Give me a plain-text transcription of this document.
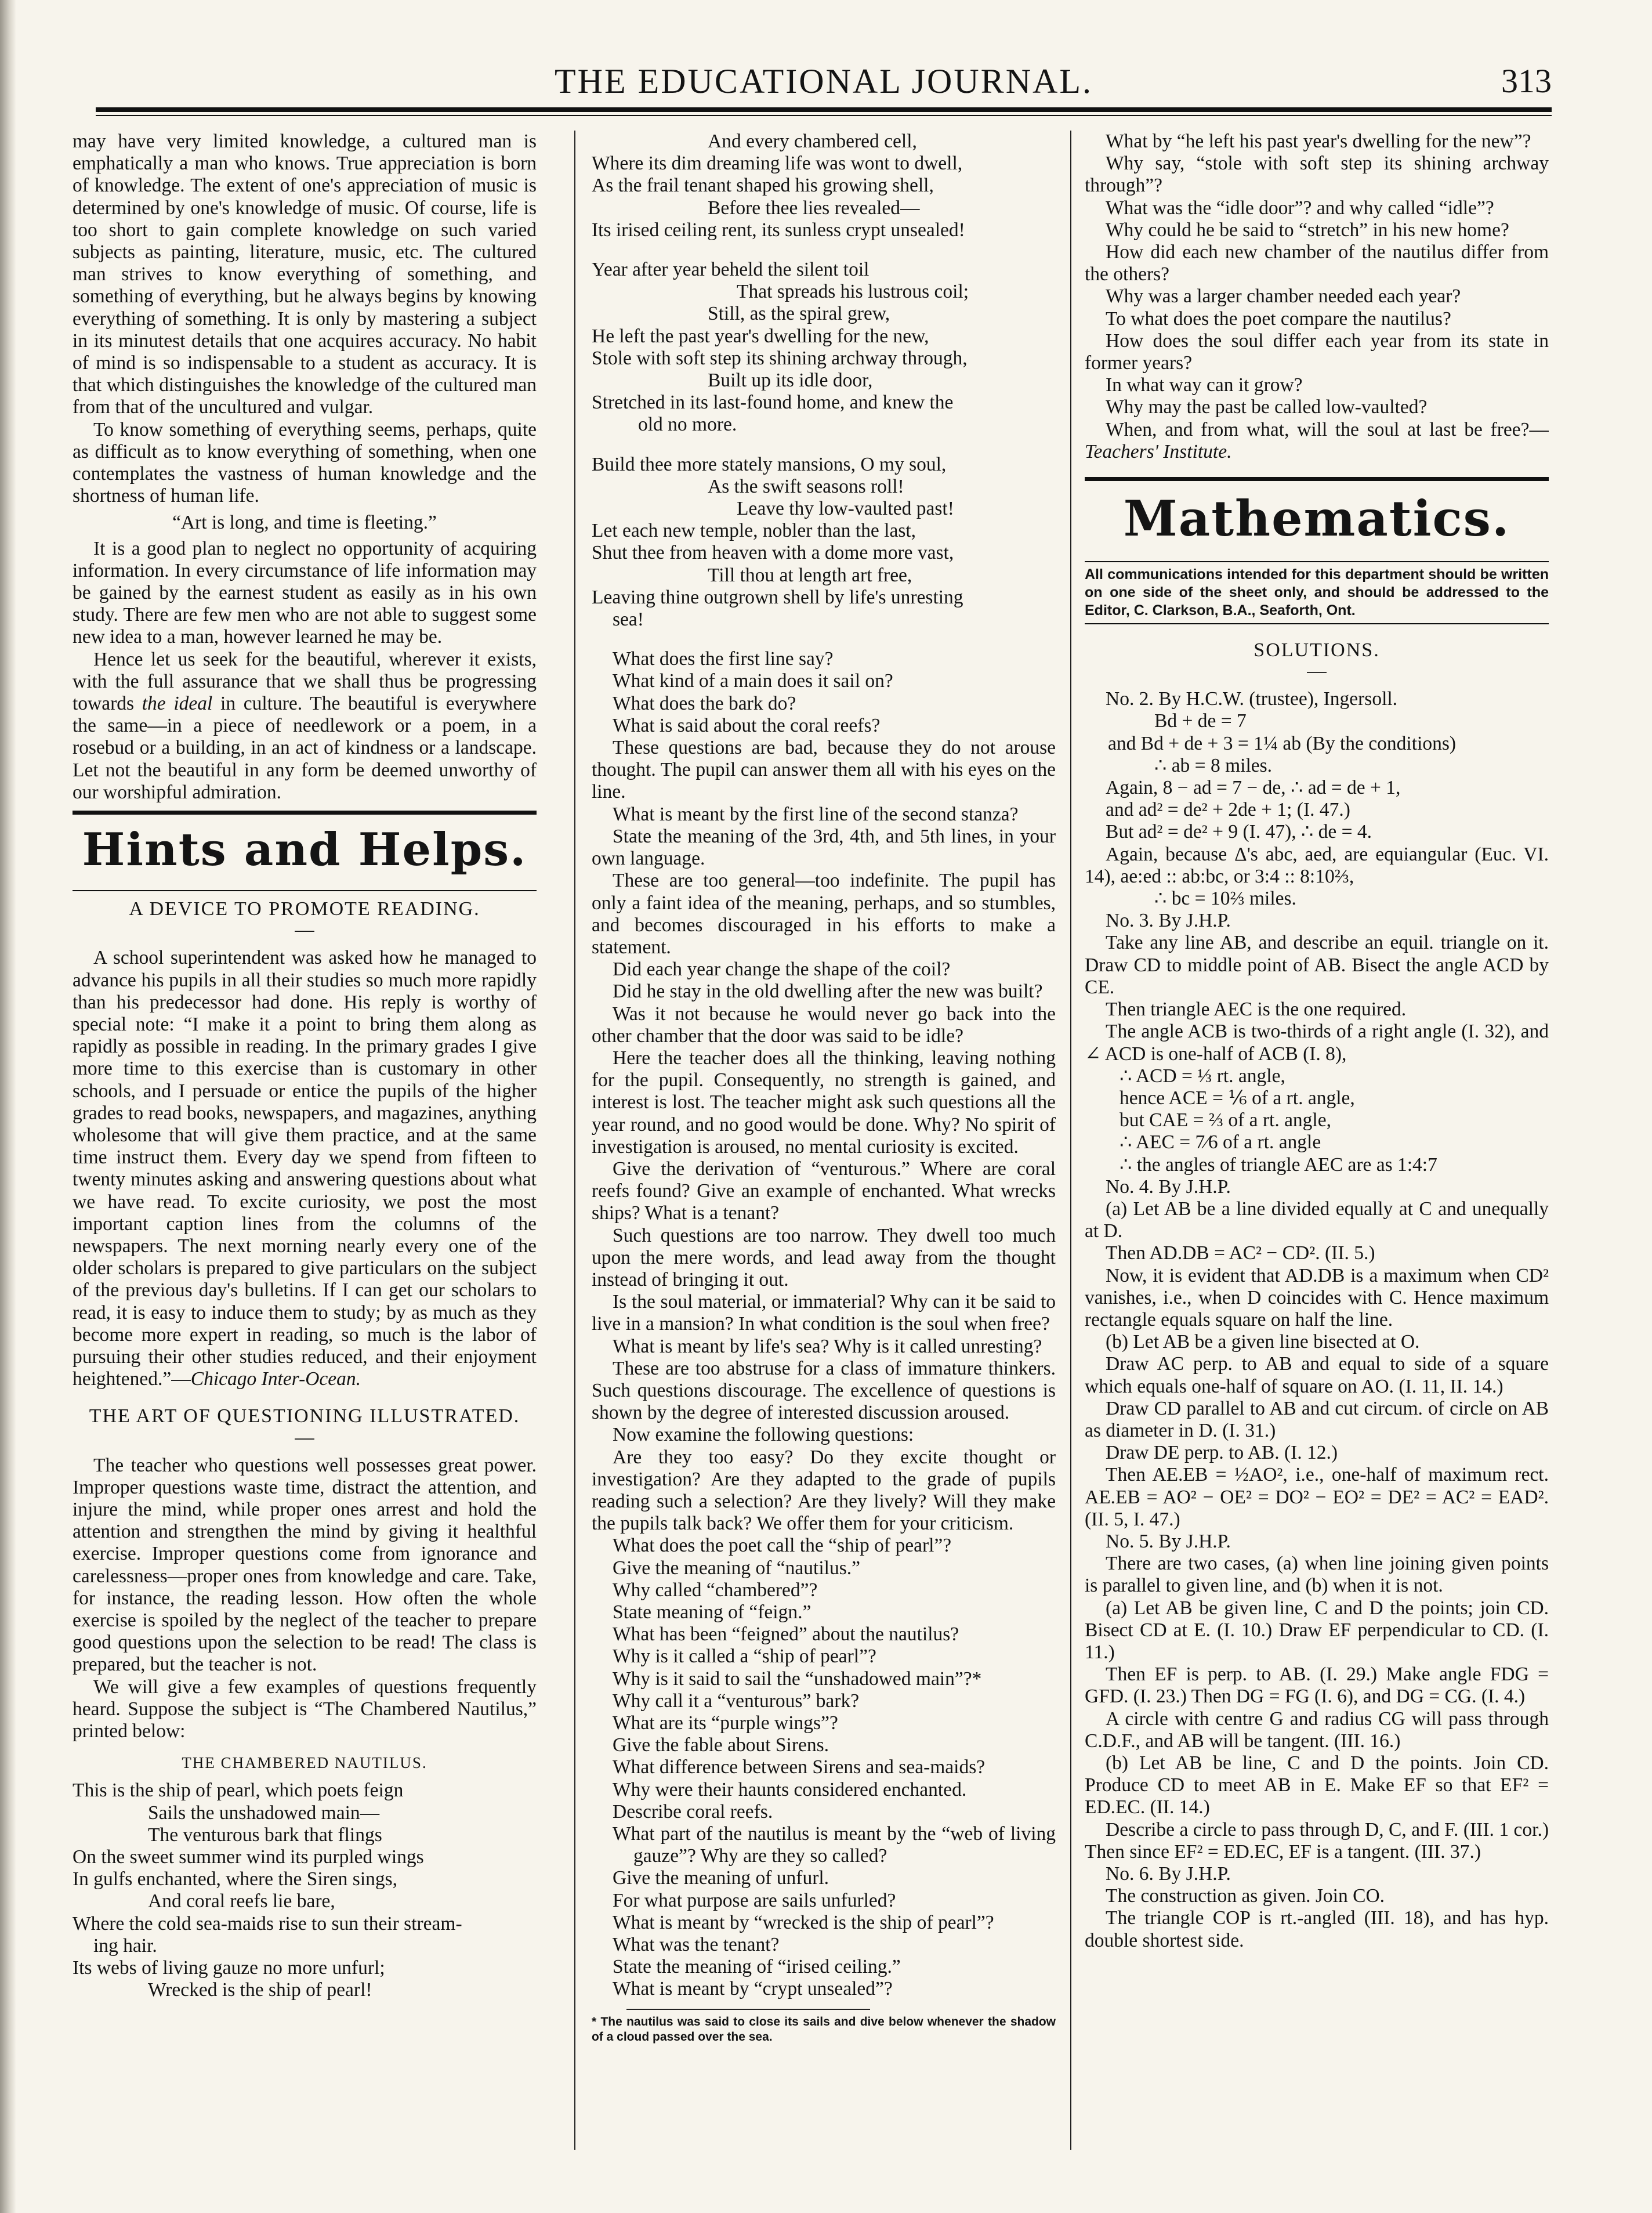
THE EDUCATIONAL JOURNAL.	313

may have very limited knowledge, a cultured man is emphatically a man who knows. True appreciation is born of knowledge. The extent of one's appreciation of music is determined by one's knowledge of music. Of course, life is too short to gain complete knowledge on such varied subjects as painting, literature, music, etc. The cultured man strives to know everything of something, and something of everything, but he always begins by knowing everything of something. It is only by mastering a subject in its minutest details that one acquires accuracy. No habit of mind is so indispensable to a student as accuracy. It is that which distinguishes the knowledge of the cultured man from that of the uncultured and vulgar.

To know something of everything seems, perhaps, quite as difficult as to know everything of something, when one contemplates the vastness of human knowledge and the shortness of human life.

“Art is long, and time is fleeting.”

It is a good plan to neglect no opportunity of acquiring information. In every circumstance of life information may be gained by the earnest student as easily as in his own study. There are few men who are not able to suggest some new idea to a man, however learned he may be.

Hence let us seek for the beautiful, wherever it exists, with the full assurance that we shall thus be progressing towards the ideal in culture. The beautiful is everywhere the same—in a piece of needlework or a poem, in a rosebud or a building, in an act of kindness or a landscape. Let not the beautiful in any form be deemed unworthy of our worshipful admiration.

Hints and Helps.
A DEVICE TO PROMOTE READING.
—

A school superintendent was asked how he managed to advance his pupils in all their studies so much more rapidly than his predecessor had done. His reply is worthy of special note: “I make it a point to bring them along as rapidly as possible in reading. In the primary grades I give more time to this exercise than is customary in other schools, and I persuade or entice the pupils of the higher grades to read books, newspapers, and magazines, anything wholesome that will give them practice, and at the same time instruct them. Every day we spend from fifteen to twenty minutes asking and answering questions about what we have read. To excite curiosity, we post the most important caption lines from the columns of the newspapers. The next morning nearly every one of the older scholars is prepared to give particulars on the subject of the previous day's bulletins. If I can get our scholars to read, it is easy to induce them to study; by as much as they become more expert in reading, so much is the labor of pursuing their other studies reduced, and their enjoyment heightened.”—Chicago Inter-Ocean.

THE ART OF QUESTIONING ILLUSTRATED.
—

The teacher who questions well possesses great power. Improper questions waste time, distract the attention, and injure the mind, while proper ones arrest and hold the attention and strengthen the mind by giving it healthful exercise. Improper questions come from ignorance and carelessness—proper ones from knowledge and care. Take, for instance, the reading lesson. How often the whole exercise is spoiled by the neglect of the teacher to prepare good questions upon the selection to be read! The class is prepared, but the teacher is not.

We will give a few examples of questions frequently heard. Suppose the subject is “The Chambered Nautilus,” printed below:

THE CHAMBERED NAUTILUS.
This is the ship of pearl, which poets feign
Sails the unshadowed main—
The venturous bark that flings
On the sweet summer wind its purpled wings
In gulfs enchanted, where the Siren sings,
And coral reefs lie bare,
Where the cold sea-maids rise to sun their stream-
ing hair.
Its webs of living gauze no more unfurl;
Wrecked is the ship of pearl!
And every chambered cell,
Where its dim dreaming life was wont to dwell,
As the frail tenant shaped his growing shell,
Before thee lies revealed—
Its irised ceiling rent, its sunless crypt unsealed!
Year after year beheld the silent toil
That spreads his lustrous coil;
Still, as the spiral grew,
He left the past year's dwelling for the new,
Stole with soft step its shining archway through,
Built up its idle door,
Stretched in its last-found home, and knew the
old no more.
Build thee more stately mansions, O my soul,
As the swift seasons roll!
Leave thy low-vaulted past!
Let each new temple, nobler than the last,
Shut thee from heaven with a dome more vast,
Till thou at length art free,
Leaving thine outgrown shell by life's unresting
sea!

What does the first line say?

What kind of a main does it sail on?

What does the bark do?

What is said about the coral reefs?

These questions are bad, because they do not arouse thought. The pupil can answer them all with his eyes on the line.

What is meant by the first line of the second stanza?

State the meaning of the 3rd, 4th, and 5th lines, in your own language.

These are too general—too indefinite. The pupil has only a faint idea of the meaning, perhaps, and so stumbles, and becomes discouraged in his efforts to make a statement.

Did each year change the shape of the coil?

Did he stay in the old dwelling after the new was built?

Was it not because he would never go back into the other chamber that the door was said to be idle?

Here the teacher does all the thinking, leaving nothing for the pupil. Consequently, no strength is gained, and interest is lost. The teacher might ask such questions all the year round, and no good would be done. Why? No spirit of investigation is aroused, no mental curiosity is excited.

Give the derivation of “venturous.” Where are coral reefs found? Give an example of enchanted. What wrecks ships? What is a tenant?

Such questions are too narrow. They dwell too much upon the mere words, and lead away from the thought instead of bringing it out.

Is the soul material, or immaterial? Why can it be said to live in a mansion? In what condition is the soul when free?

What is meant by life's sea? Why is it called unresting?

These are too abstruse for a class of immature thinkers. Such questions discourage. The excellence of questions is shown by the degree of interested discussion aroused.

Now examine the following questions:

Are they too easy? Do they excite thought or investigation? Are they adapted to the grade of pupils reading such a selection? Are they lively? Will they make the pupils talk back? We offer them for your criticism.

What does the poet call the “ship of pearl”?

Give the meaning of “nautilus.”

Why called “chambered”?

State meaning of “feign.”

What has been “feigned” about the nautilus?

Why is it called a “ship of pearl”?

Why is it said to sail the “unshadowed main”?*

Why call it a “venturous” bark?

What are its “purple wings”?

Give the fable about Sirens.

What difference between Sirens and sea-maids?

Why were their haunts considered enchanted.

Describe coral reefs.

What part of the nautilus is meant by the “web of living gauze”? Why are they so called?

Give the meaning of unfurl.

For what purpose are sails unfurled?

What is meant by “wrecked is the ship of pearl”?

What was the tenant?

State the meaning of “irised ceiling.”

What is meant by “crypt unsealed”?

* The nautilus was said to close its sails and dive below whenever the shadow of a cloud passed over the sea.

What by “he left his past year's dwelling for the new”?

Why say, “stole with soft step its shining archway through”?

What was the “idle door”? and why called “idle”?

Why could he be said to “stretch” in his new home?

How did each new chamber of the nautilus differ from the others?

Why was a larger chamber needed each year?

To what does the poet compare the nautilus?

How does the soul differ each year from its state in former years?

In what way can it grow?

Why may the past be called low-vaulted?

When, and from what, will the soul at last be free?—Teachers' Institute.

Mathematics.

All communications intended for this department should be written on one side of the sheet only, and should be addressed to the Editor, C. Clarkson, B.A., Seaforth, Ont.

SOLUTIONS.
—

No. 2. By H.C.W. (trustee), Ingersoll.

Bd + de = 7

and Bd + de + 3 = 1¼ ab (By the conditions)

∴ ab = 8 miles.

Again, 8 − ad = 7 − de, ∴ ad = de + 1,

and ad² = de² + 2de + 1; (I. 47.)

But ad² = de² + 9 (I. 47), ∴ de = 4.

Again, because Δ's abc, aed, are equiangular (Euc. VI. 14), ae:ed :: ab:bc, or 3:4 :: 8:10⅔,

∴ bc = 10⅔ miles.

No. 3. By J.H.P.

Take any line AB, and describe an equil. triangle on it. Draw CD to middle point of AB. Bisect the angle ACD by CE.

Then triangle AEC is the one required.

The angle ACB is two-thirds of a right angle (I. 32), and ∠ ACD is one-half of ACB (I. 8),

∴ ACD = ⅓ rt. angle,

hence ACE = ⅙ of a rt. angle,

but CAE = ⅔ of a rt. angle,

∴ AEC = 7⁄6 of a rt. angle

∴ the angles of triangle AEC are as 1:4:7

No. 4. By J.H.P.

(a) Let AB be a line divided equally at C and unequally at D.

Then AD.DB = AC² − CD². (II. 5.)

Now, it is evident that AD.DB is a maximum when CD² vanishes, i.e., when D coincides with C. Hence maximum rectangle equals square on half the line.

(b) Let AB be a given line bisected at O.

Draw AC perp. to AB and equal to side of a square which equals one-half of square on AO. (I. 11, II. 14.)

Draw CD parallel to AB and cut circum. of circle on AB as diameter in D. (I. 31.)

Draw DE perp. to AB. (I. 12.)

Then AE.EB = ½AO², i.e., one-half of maximum rect. AE.EB = AO² − OE² = DO² − EO² = DE² = AC² = EAD². (II. 5, I. 47.)

No. 5. By J.H.P.

There are two cases, (a) when line joining given points is parallel to given line, and (b) when it is not.

(a) Let AB be given line, C and D the points; join CD. Bisect CD at E. (I. 10.) Draw EF perpendicular to CD. (I. 11.)

Then EF is perp. to AB. (I. 29.) Make angle FDG = GFD. (I. 23.) Then DG = FG (I. 6), and DG = CG. (I. 4.)

A circle with centre G and radius CG will pass through C.D.F., and AB will be tangent. (III. 16.)

(b) Let AB be line, C and D the points. Join CD. Produce CD to meet AB in E. Make EF so that EF² = ED.EC. (II. 14.)

Describe a circle to pass through D, C, and F. (III. 1 cor.) Then since EF² = ED.EC, EF is a tangent. (III. 37.)

No. 6. By J.H.P.

The construction as given. Join CO.

The triangle COP is rt.-angled (III. 18), and has hyp. double shortest side.
